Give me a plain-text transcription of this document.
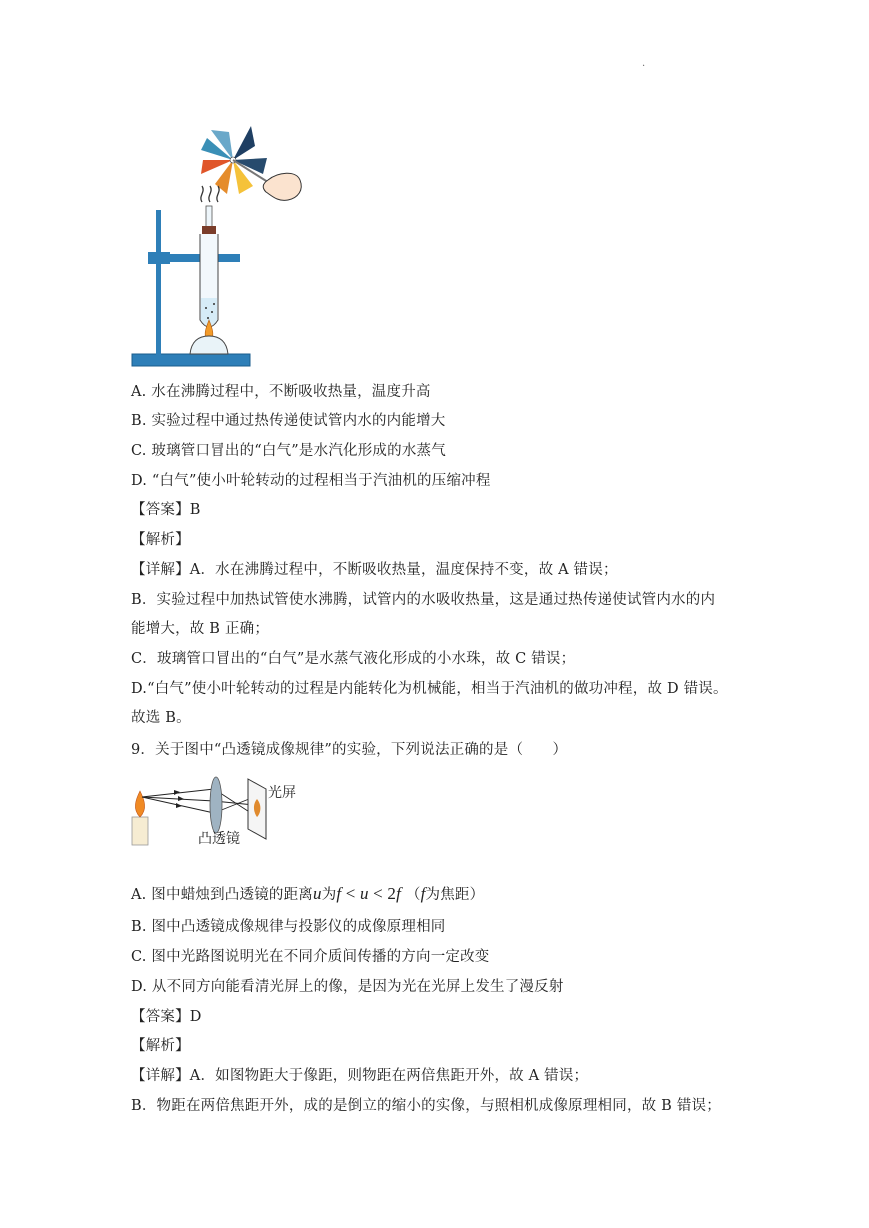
.
A. 水在沸腾过程中，不断吸收热量，温度升高
B. 实验过程中通过热传递使试管内水的内能增大
C. 玻璃管口冒出的“白气”是水汽化形成的水蒸气
D. “白气”使小叶轮转动的过程相当于汽油机的压缩冲程
【答案】B
【解析】
【详解】A．水在沸腾过程中，不断吸收热量，温度保持不变，故 A 错误；
B．实验过程中加热试管使水沸腾，试管内的水吸收热量，这是通过热传递使试管内水的内
能增大，故 B 正确；
C．玻璃管口冒出的“白气”是水蒸气液化形成的小水珠，故 C 错误；
D.“白气”使小叶轮转动的过程是内能转化为机械能，相当于汽油机的做功冲程，故 D 错误。
故选 B。
9．关于图中“凸透镜成像规律”的实验，下列说法正确的是（　　）
光屏
凸透镜
A. 图中蜡烛到凸透镜的距离u为f < u < 2f （f为焦距）
B. 图中凸透镜成像规律与投影仪的成像原理相同
C. 图中光路图说明光在不同介质间传播的方向一定改变
D. 从不同方向能看清光屏上的像，是因为光在光屏上发生了漫反射
【答案】D
【解析】
【详解】A．如图物距大于像距，则物距在两倍焦距开外，故 A 错误；
B．物距在两倍焦距开外，成的是倒立的缩小的实像，与照相机成像原理相同，故 B 错误；
